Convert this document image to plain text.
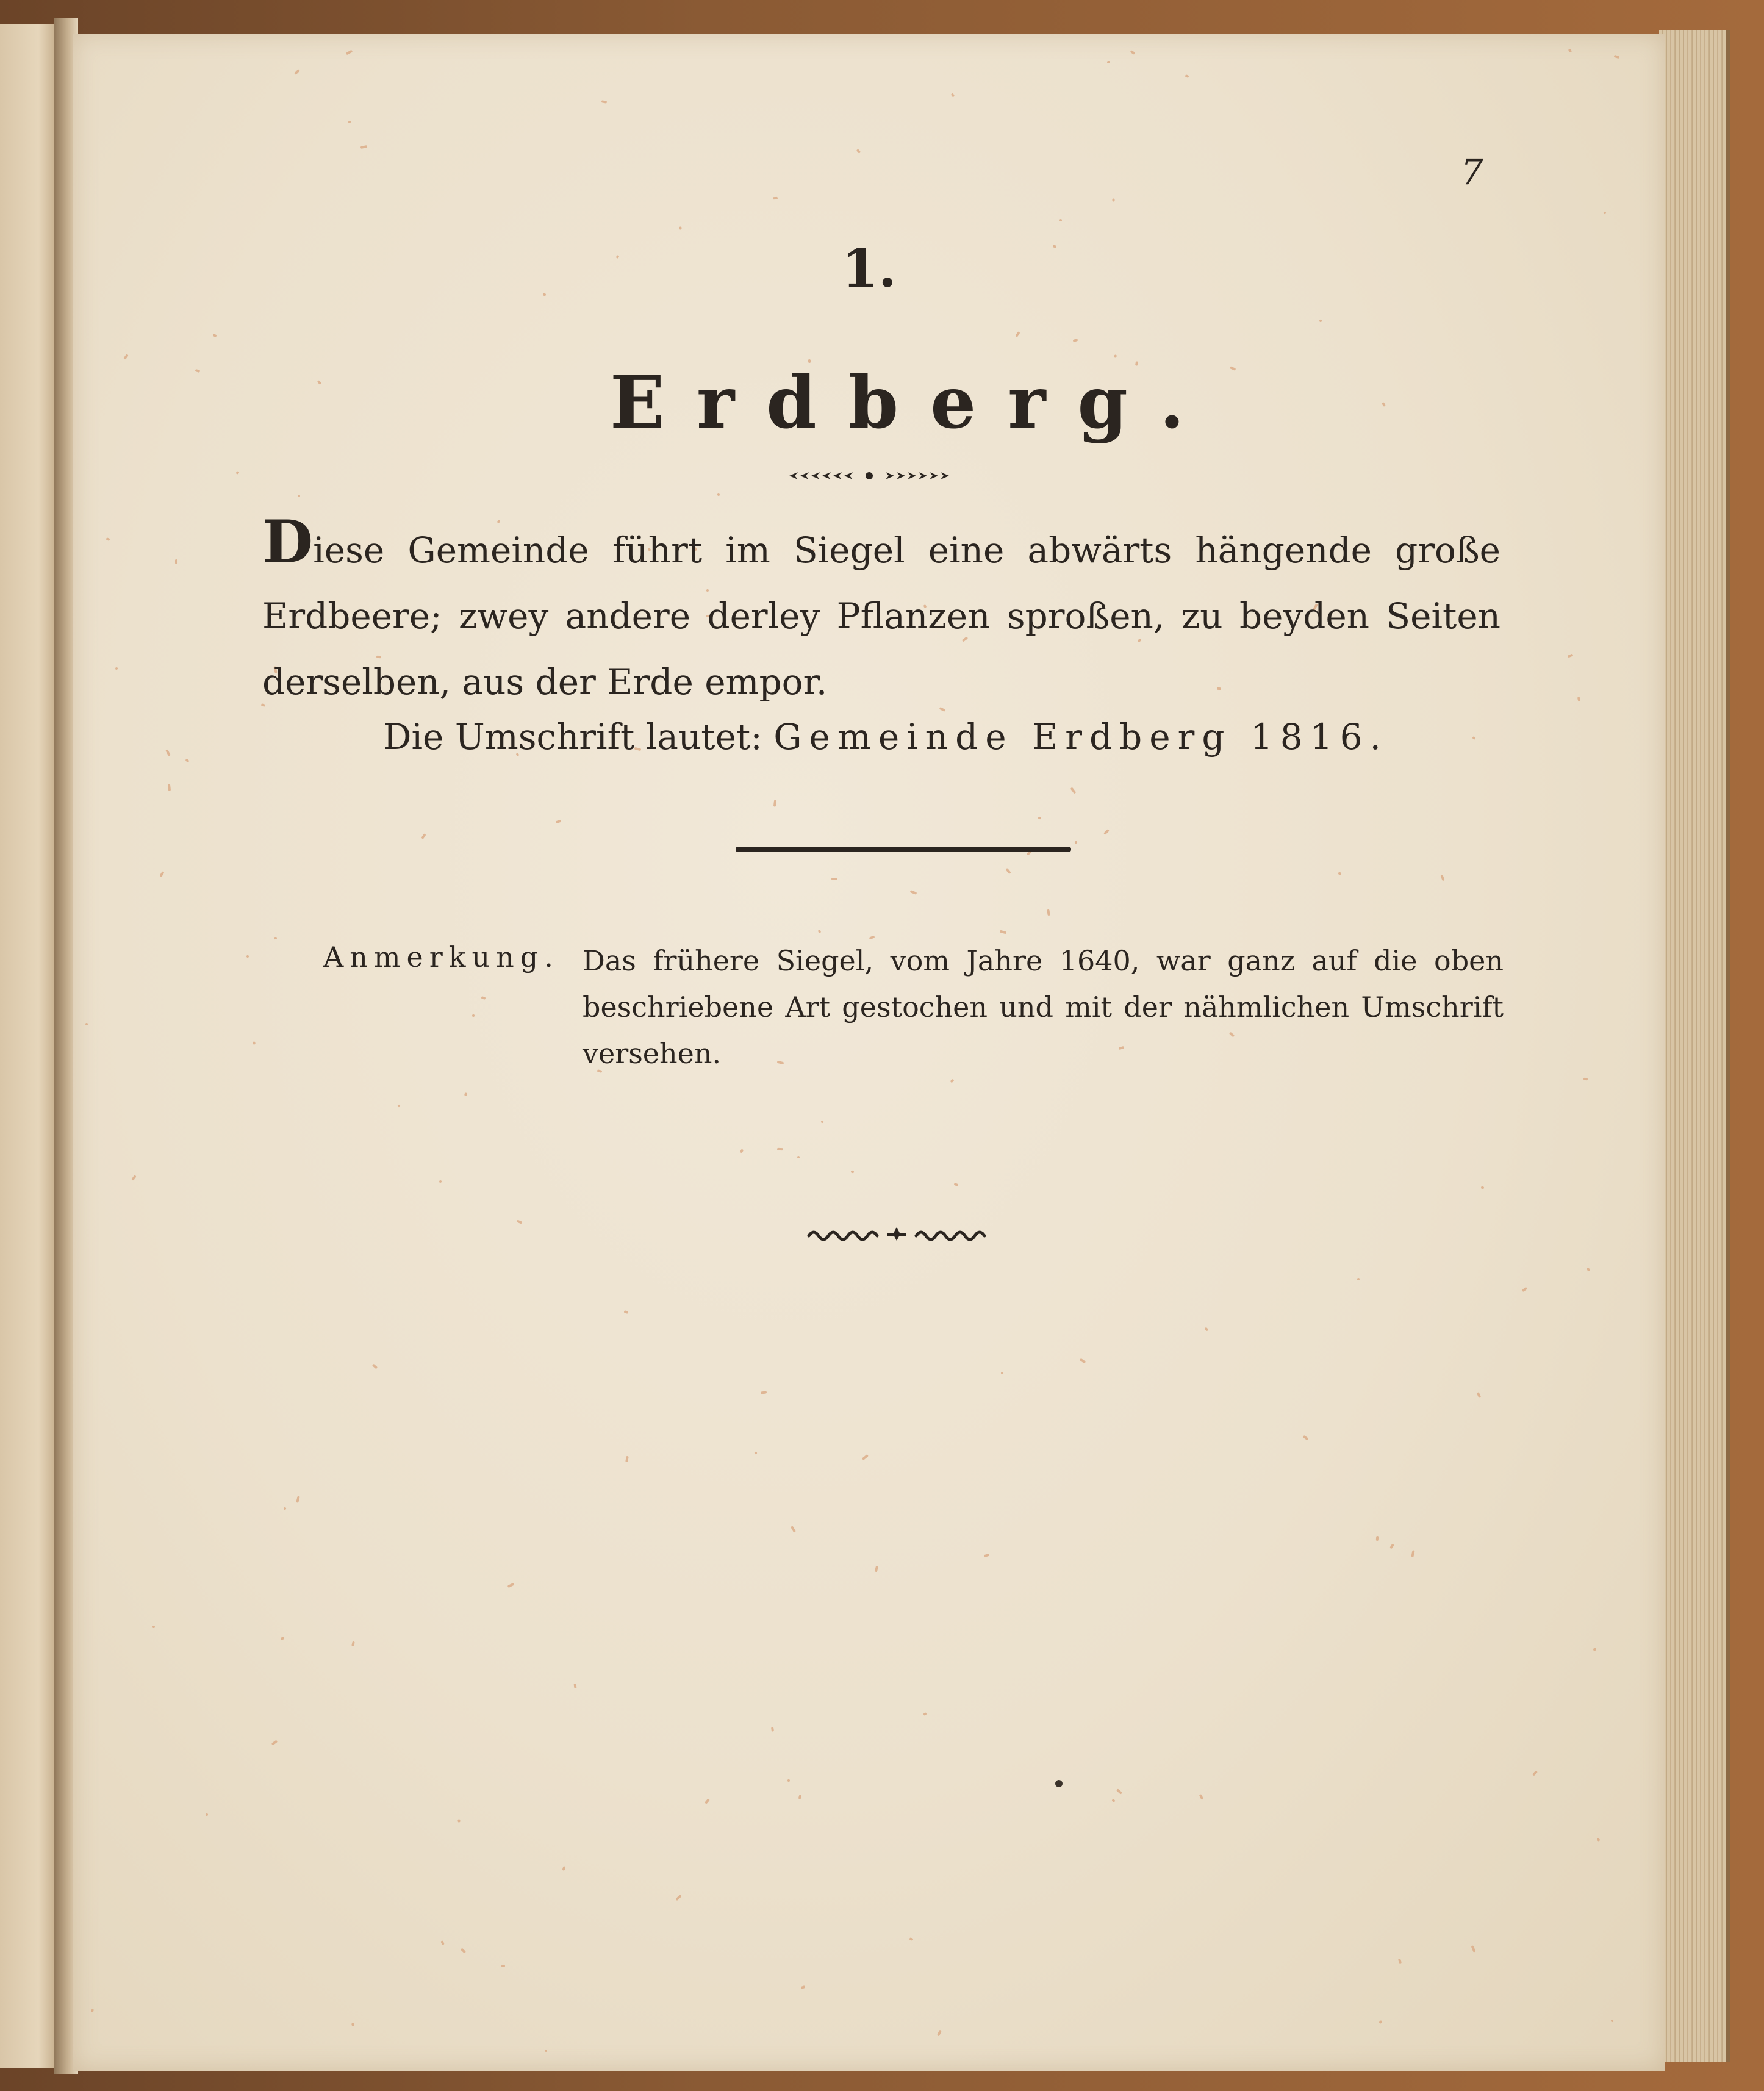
7
1.
Erdberg.
Diese Gemeinde führt im Siegel eine abwärts hängende große Erdbeere; zwey andere derley Pflanzen sproßen, zu beyden Seiten derselben, aus der Erde empor.
Die Umschrift lautet: Gemeinde Erdberg 1816.
Anmerkung. Das frühere Siegel, vom Jahre 1640, war ganz auf die oben beschriebene Art gestochen und mit der nähmlichen Umschrift versehen.
